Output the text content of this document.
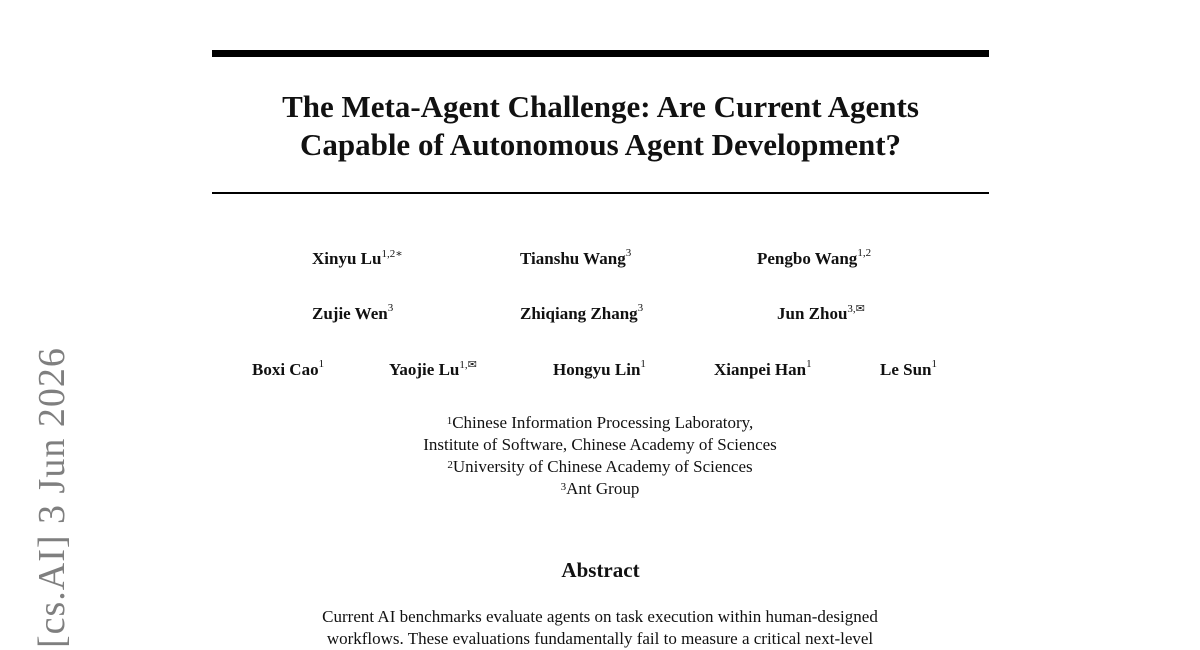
[cs.AI] 3 Jun 2026
The Meta-Agent Challenge: Are Current Agents
Capable of Autonomous Agent Development?
Xinyu $Lu^{1,2∗}$	Tianshu Wang$^3$	Pengbo Wang$^{1,2}$
Zujie Wen$^3$	Zhiqiang Zhang$^3$	Jun Zhou$^{3,✉}$
Boxi Cao$^1$	Yaojie $Lu^{1,✉}$	Hongyu Lin$^1$	Xianpei Han$^1$	Le Sun$^1$
$^1$Chinese Information Processing Laboratory,
Institute of Software, Chinese Academy of Sciences
$^2$University of Chinese Academy of Sciences
$^3$Ant Group
Abstract
Current AI benchmarks evaluate agents on task execution within human-designed
workflows. These evaluations fundamentally fail to measure a critical next-level
